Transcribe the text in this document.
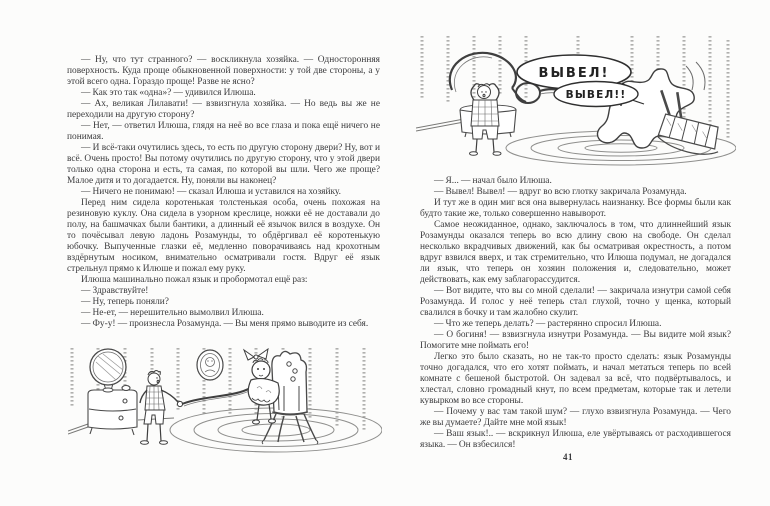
— Ну, что тут странного? — воскликнула хозяйка. — Односторонняя поверхность. Куда проще обыкновенной поверхности: у той две стороны, а у этой всего одна. Гораздо проще! Разве не ясно?

— Как это так «одна»? — удивился Илюша.

— Ах, великая Лилавати! — взвизгнула хозяйка. — Но ведь вы же не переходили на другую сторону?

— Нет, — ответил Илюша, глядя на неё во все глаза и пока ещё ничего не понимая.

— И всё-таки очутились здесь, то есть по другую сторону двери? Ну, вот и всё. Очень просто! Вы потому очутились по другую сторону, что у этой двери только одна сторона и есть, та самая, по которой вы шли. Чего же проще? Малое дитя и то догадается. Ну, поняли вы наконец?

— Ничего не понимаю! — сказал Илюша и уставился на хозяйку.

Перед ним сидела коротенькая толстенькая особа, очень похожая на резиновую куклу. Она сидела в узорном креслице, ножки её не доставали до полу, на башмачках были бантики, а длинный её язычок вился в воздухе. Он то почёсывал левую ладонь Розамунды, то обдёргивал её коротенькую юбочку. Выпученные глазки её, медленно поворачиваясь над крохотным вздёрнутым носиком, внимательно осматривали гостя. Вдруг её язык стрельнул прямо к Илюше и пожал ему руку.

Илюша машинально пожал язык и пробормотал ещё раз:

— Здравствуйте!

— Ну, теперь поняли?

— Не-ет, — нерешительно вымолвил Илюша.

— Фу-у! — произнесла Розамунда. — Вы меня прямо выводите из себя.

ВЫВЕЛ!
ВЫВЕЛ!!

— Я... — начал было Илюша.

— Вывел! Вывел! — вдруг во всю глотку закричала Розамунда.

И тут же в один миг вся она вывернулась наизнанку. Все формы были как будто такие же, только совершенно навыворот.

Самое неожиданное, однако, заключалось в том, что длиннейший язык Розамунды оказался теперь во всю длину свою на свободе. Он сделал несколько вкрадчивых движений, как бы осматривая окрестность, а потом вдруг взвился вверх, и так стремительно, что Илюша подумал, не догадался ли язык, что теперь он хозяин положения и, следовательно, может действовать, как ему заблагорассудится.

— Вот видите, что вы со мной сделали! — закричала изнутри самой себя Розамунда. И голос у неё теперь стал глухой, точно у щенка, который свалился в бочку и там жалобно скулит.

— Что же теперь делать? — растерянно спросил Илюша.

— О богиня! — взвизгнула изнутри Розамунда. — Вы видите мой язык? Помогите мне поймать его!

Легко это было сказать, но не так-то просто сделать: язык Розамунды точно догадался, что его хотят поймать, и начал метаться теперь по всей комнате с бешеной быстротой. Он задевал за всё, что подвёртывалось, и хлестал, словно громадный кнут, по всем предметам, которые так и летели кувырком во все стороны.

— Почему у вас там такой шум? — глухо взвизгнула Розамунда. — Чего же вы думаете? Дайте мне мой язык!

— Ваш язык!.. — вскрикнул Илюша, еле увёртываясь от расходившегося языка. — Он взбесился!

41
